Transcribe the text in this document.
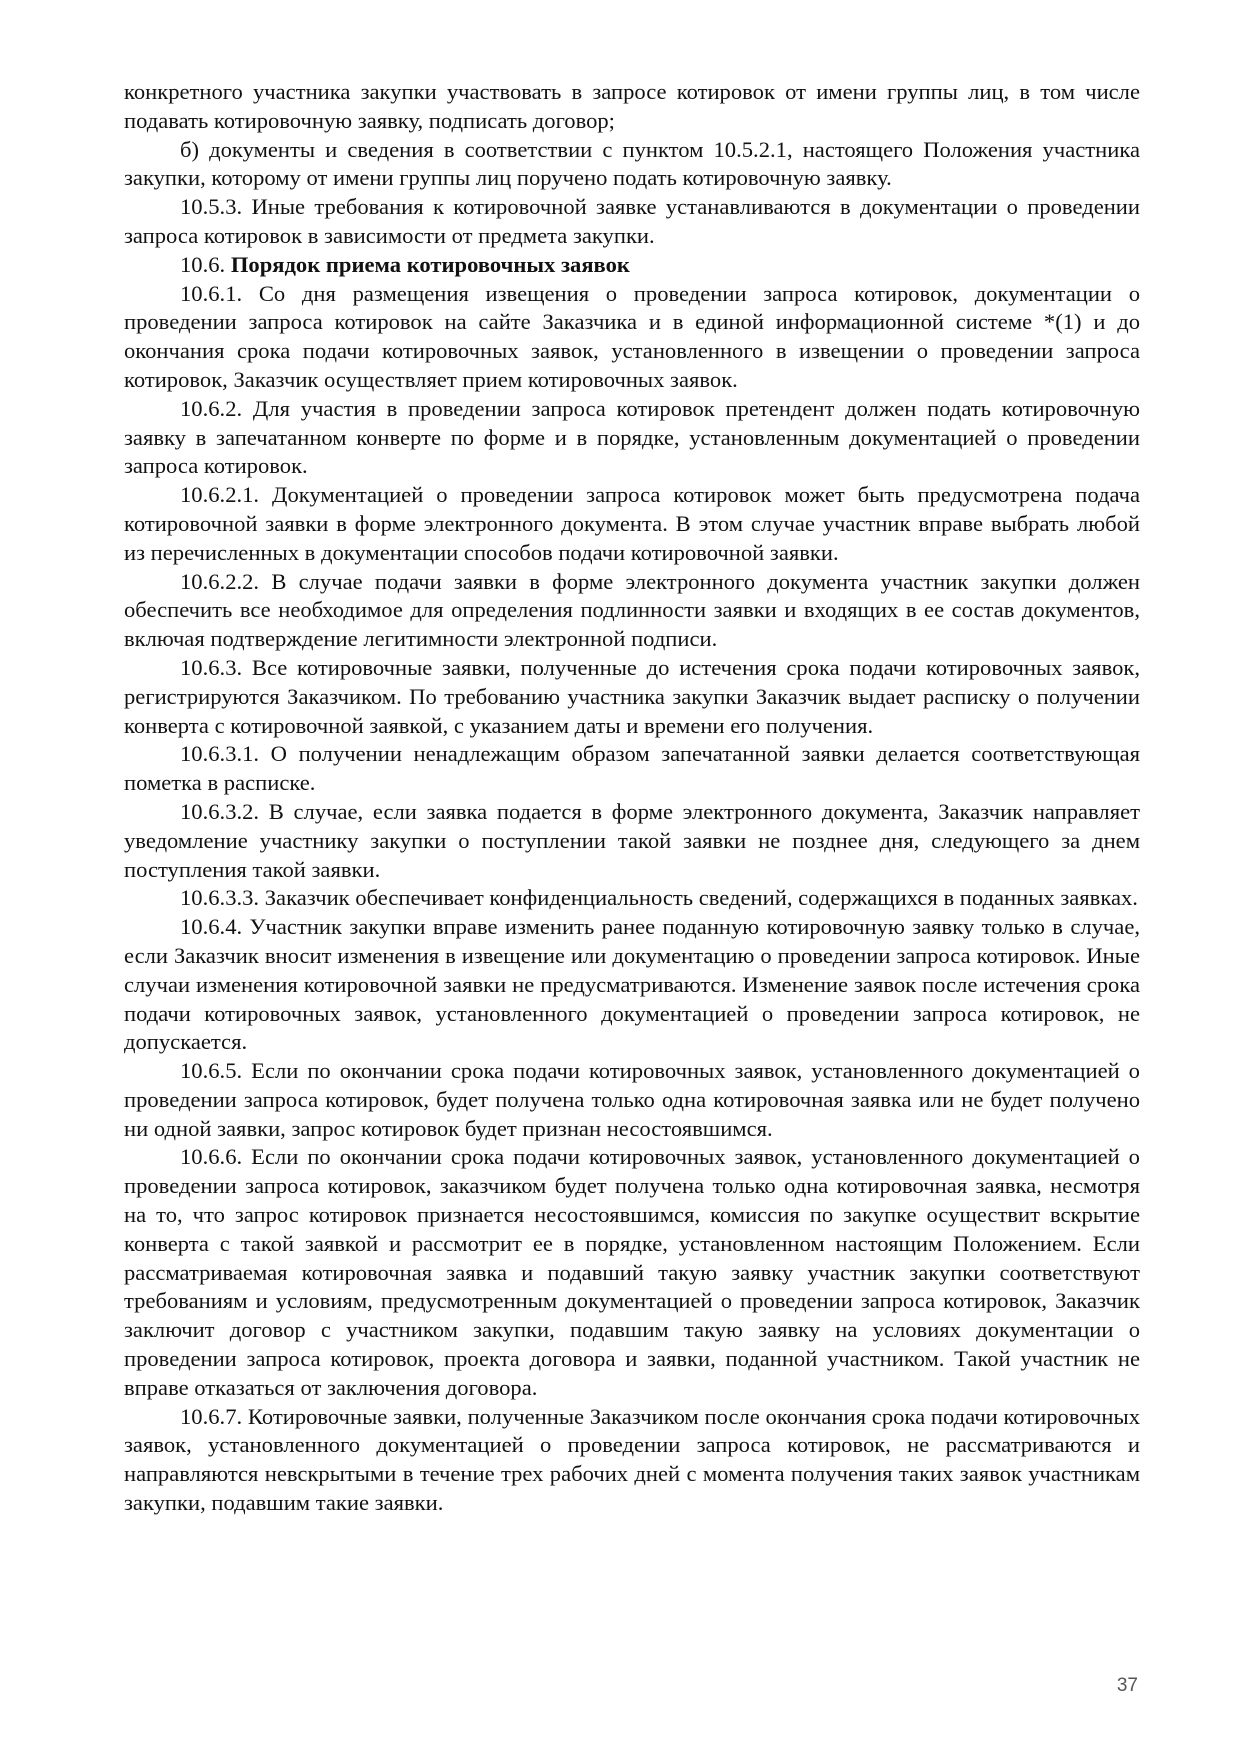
конкретного участника закупки участвовать в запросе котировок от имени группы лиц, в том числе подавать котировочную заявку, подписать договор;

б) документы и сведения в соответствии с пунктом 10.5.2.1, настоящего Положения участника закупки, которому от имени группы лиц поручено подать котировочную заявку.

10.5.3. Иные требования к котировочной заявке устанавливаются в документации о проведении запроса котировок в зависимости от предмета закупки.

10.6. Порядок приема котировочных заявок

10.6.1. Со дня размещения извещения о проведении запроса котировок, документации о проведении запроса котировок на сайте Заказчика и в единой информационной системе *(1) и до окончания срока подачи котировочных заявок, установленного в извещении о проведении запроса котировок, Заказчик осуществляет прием котировочных заявок.

10.6.2. Для участия в проведении запроса котировок претендент должен подать котировочную заявку в запечатанном конверте по форме и в порядке, установленным документацией о проведении запроса котировок.

10.6.2.1. Документацией о проведении запроса котировок может быть предусмотрена подача котировочной заявки в форме электронного документа. В этом случае участник вправе выбрать любой из перечисленных в документации способов подачи котировочной заявки.

10.6.2.2. В случае подачи заявки в форме электронного документа участник закупки должен обеспечить все необходимое для определения подлинности заявки и входящих в ее состав документов, включая подтверждение легитимности электронной подписи.

10.6.3. Все котировочные заявки, полученные до истечения срока подачи котировочных заявок, регистрируются Заказчиком. По требованию участника закупки Заказчик выдает расписку о получении конверта с котировочной заявкой, с указанием даты и времени его получения.

10.6.3.1. О получении ненадлежащим образом запечатанной заявки делается соответствующая пометка в расписке.

10.6.3.2. В случае, если заявка подается в форме электронного документа, Заказчик направляет уведомление участнику закупки о поступлении такой заявки не позднее дня, следующего за днем поступления такой заявки.

10.6.3.3. Заказчик обеспечивает конфиденциальность сведений, содержащихся в поданных заявках.

10.6.4. Участник закупки вправе изменить ранее поданную котировочную заявку только в случае, если Заказчик вносит изменения в извещение или документацию о проведении запроса котировок. Иные случаи изменения котировочной заявки не предусматриваются. Изменение заявок после истечения срока подачи котировочных заявок, установленного документацией о проведении запроса котировок, не допускается.

10.6.5. Если по окончании срока подачи котировочных заявок, установленного документацией о проведении запроса котировок, будет получена только одна котировочная заявка или не будет получено ни одной заявки, запрос котировок будет признан несостоявшимся.

10.6.6. Если по окончании срока подачи котировочных заявок, установленного документацией о проведении запроса котировок, заказчиком будет получена только одна котировочная заявка, несмотря на то, что запрос котировок признается несостоявшимся, комиссия по закупке осуществит вскрытие конверта с такой заявкой и рассмотрит ее в порядке, установленном настоящим Положением. Если рассматриваемая котировочная заявка и подавший такую заявку участник закупки соответствуют требованиям и условиям, предусмотренным документацией о проведении запроса котировок, Заказчик заключит договор с участником закупки, подавшим такую заявку на условиях документации о проведении запроса котировок, проекта договора и заявки, поданной участником. Такой участник не вправе отказаться от заключения договора.

10.6.7. Котировочные заявки, полученные Заказчиком после окончания срока подачи котировочных заявок, установленного документацией о проведении запроса котировок, не рассматриваются и направляются невскрытыми в течение трех рабочих дней с момента получения таких заявок участникам закупки, подавшим такие заявки.

37
